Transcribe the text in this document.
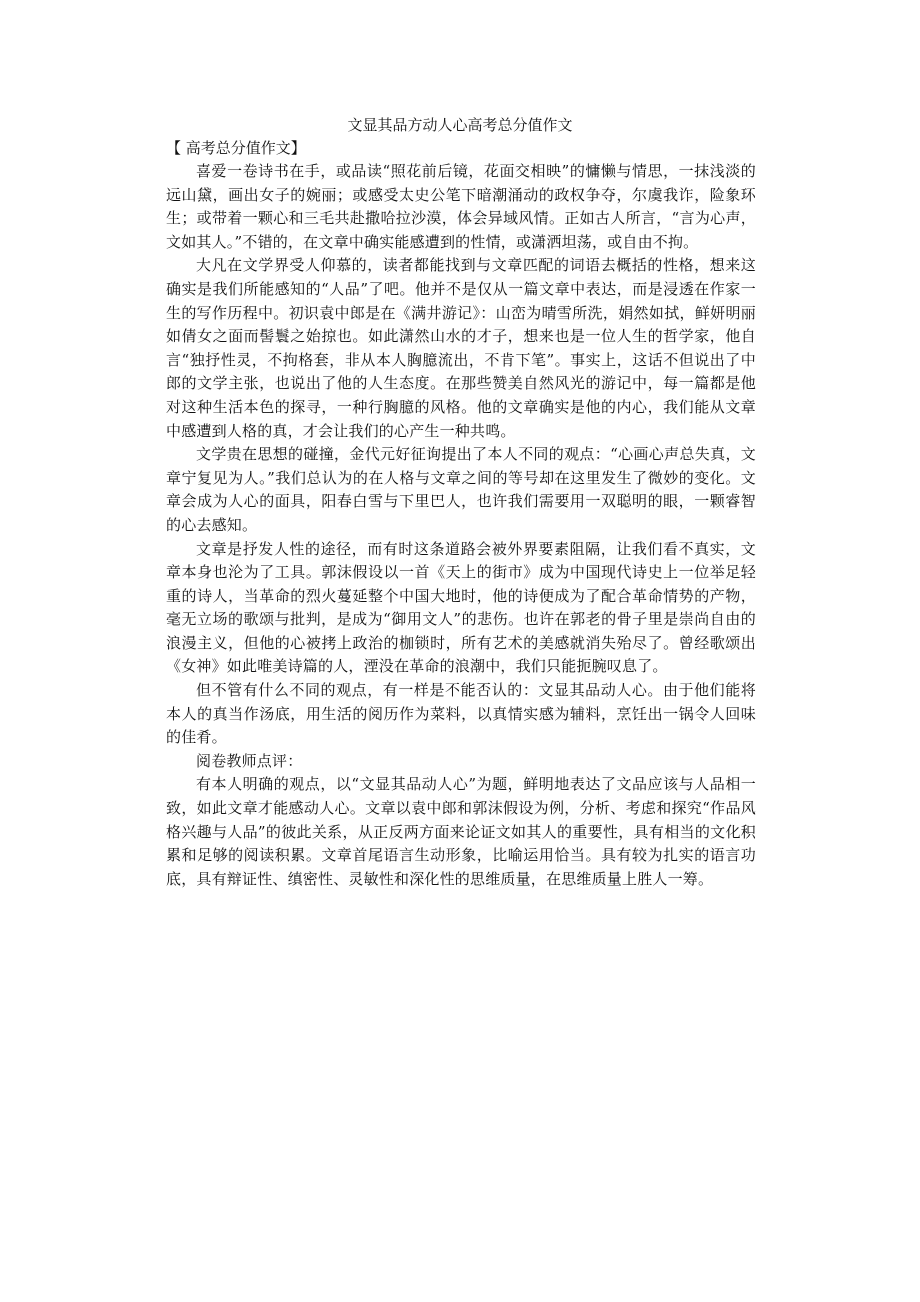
文显其品方动人心高考总分值作文
【 高考总分值作文】

喜爱一卷诗书在手，或品读“照花前后镜，花面交相映”的慵懒与情思，一抹浅淡的远山黛，画出女子的婉丽；或感受太史公笔下暗潮涌动的政权争夺，尔虞我诈，险象环生；或带着一颗心和三毛共赴撒哈拉沙漠，体会异域风情。正如古人所言，“言为心声，文如其人。”不错的，在文章中确实能感遭到的性情，或潇洒坦荡，或自由不拘。

大凡在文学界受人仰慕的，读者都能找到与文章匹配的词语去概括的性格，想来这确实是我们所能感知的“人品”了吧。他并不是仅从一篇文章中表达，而是浸透在作家一生的写作历程中。初识袁中郎是在《满井游记》：山峦为晴雪所洗，娟然如拭，鲜妍明丽如倩女之面而髻鬟之始掠也。如此潇然山水的才子，想来也是一位人生的哲学家，他自言“独抒性灵，不拘格套，非从本人胸臆流出，不肯下笔”。事实上，这话不但说出了中郎的文学主张，也说出了他的人生态度。在那些赞美自然风光的游记中，每一篇都是他对这种生活本色的探寻，一种行胸臆的风格。他的文章确实是他的内心，我们能从文章中感遭到人格的真，才会让我们的心产生一种共鸣。

文学贵在思想的碰撞，金代元好征询提出了本人不同的观点：“心画心声总失真，文章宁复见为人。”我们总认为的在人格与文章之间的等号却在这里发生了微妙的变化。文章会成为人心的面具，阳春白雪与下里巴人，也许我们需要用一双聪明的眼，一颗睿智的心去感知。

文章是抒发人性的途径，而有时这条道路会被外界要素阻隔，让我们看不真实，文章本身也沦为了工具。郭沫假设以一首《天上的街市》成为中国现代诗史上一位举足轻重的诗人，当革命的烈火蔓延整个中国大地时，他的诗便成为了配合革命情势的产物，毫无立场的歌颂与批判，是成为“御用文人”的悲伤。也许在郭老的骨子里是崇尚自由的浪漫主义，但他的心被拷上政治的枷锁时，所有艺术的美感就消失殆尽了。曾经歌颂出《女神》如此唯美诗篇的人，湮没在革命的浪潮中，我们只能扼腕叹息了。

但不管有什么不同的观点，有一样是不能否认的：文显其品动人心。由于他们能将本人的真当作汤底，用生活的阅历作为菜料，以真情实感为辅料，烹饪出一锅令人回味的佳肴。

阅卷教师点评：

有本人明确的观点，以“文显其品动人心”为题，鲜明地表达了文品应该与人品相一致，如此文章才能感动人心。文章以袁中郎和郭沫假设为例，分析、考虑和探究“作品风格兴趣与人品”的彼此关系，从正反两方面来论证文如其人的重要性，具有相当的文化积累和足够的阅读积累。文章首尾语言生动形象，比喻运用恰当。具有较为扎实的语言功底，具有辩证性、缜密性、灵敏性和深化性的思维质量，在思维质量上胜人一筹。
